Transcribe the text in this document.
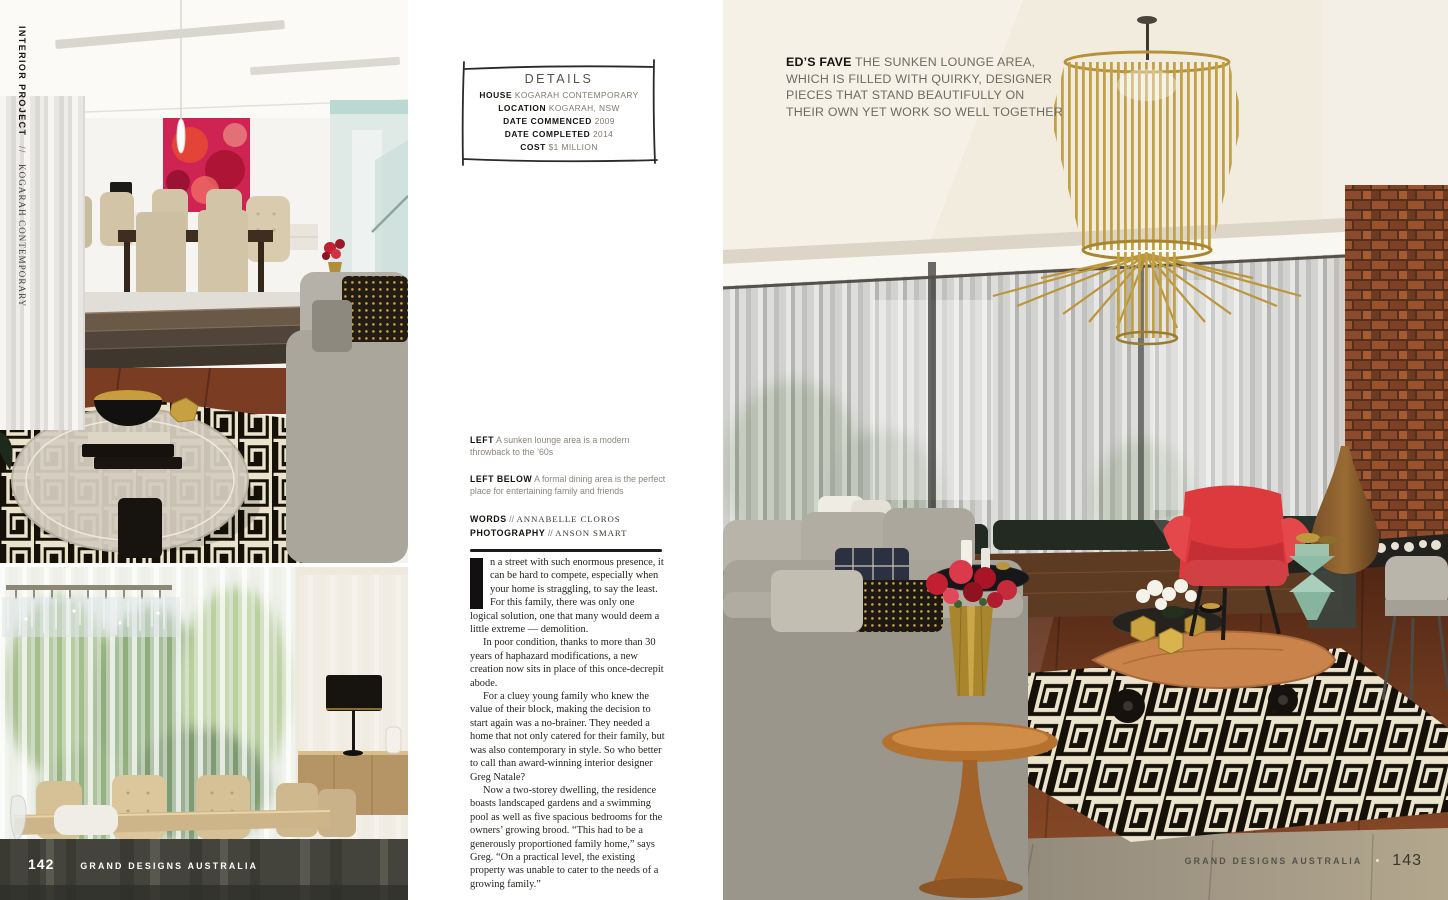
INTERIOR PROJECT // KOGARAH CONTEMPORARY
142	GRAND DESIGNS AUSTRALIA
DETAILS

HOUSE KOGARAH CONTEMPORARY

LOCATION KOGARAH, NSW

DATE COMMENCED 2009

DATE COMPLETED 2014

COST $1 MILLION

LEFT A sunken lounge area is a modern throwback to the ’60s

LEFT BELOW A formal dining area is the perfect place for entertaining family and friends

WORDS // ANNABELLE CLOROS

PHOTOGRAPHY // ANSON SMART

n a street with such enormous presence, it can be hard to compete, especially when your home is straggling, to say the least. For this family, there was only one logical solution, one that many would deem a little extreme — demolition.

In poor condition, thanks to more than 30 years of haphazard modifications, a new creation now sits in place of this once-decrepit abode.

For a cluey young family who knew the value of their block, making the decision to start again was a no-brainer. They needed a home that not only catered for their family, but was also contemporary in style. So who better to call than award-winning interior designer Greg Natale?

Now a two-storey dwelling, the residence boasts landscaped gardens and a swimming pool as well as five spacious bedrooms for the owners’ growing brood. “This had to be a generously proportioned family home,” says Greg. “On a practical level, the existing property was unable to cater to the needs of a growing family.”

ED’S FAVE THE SUNKEN LOUNGE AREA, WHICH IS FILLED WITH QUIRKY, DESIGNER PIECES THAT STAND BEAUTIFULLY ON THEIR OWN YET WORK SO WELL TOGETHER
GRAND DESIGNS AUSTRALIA • 143
